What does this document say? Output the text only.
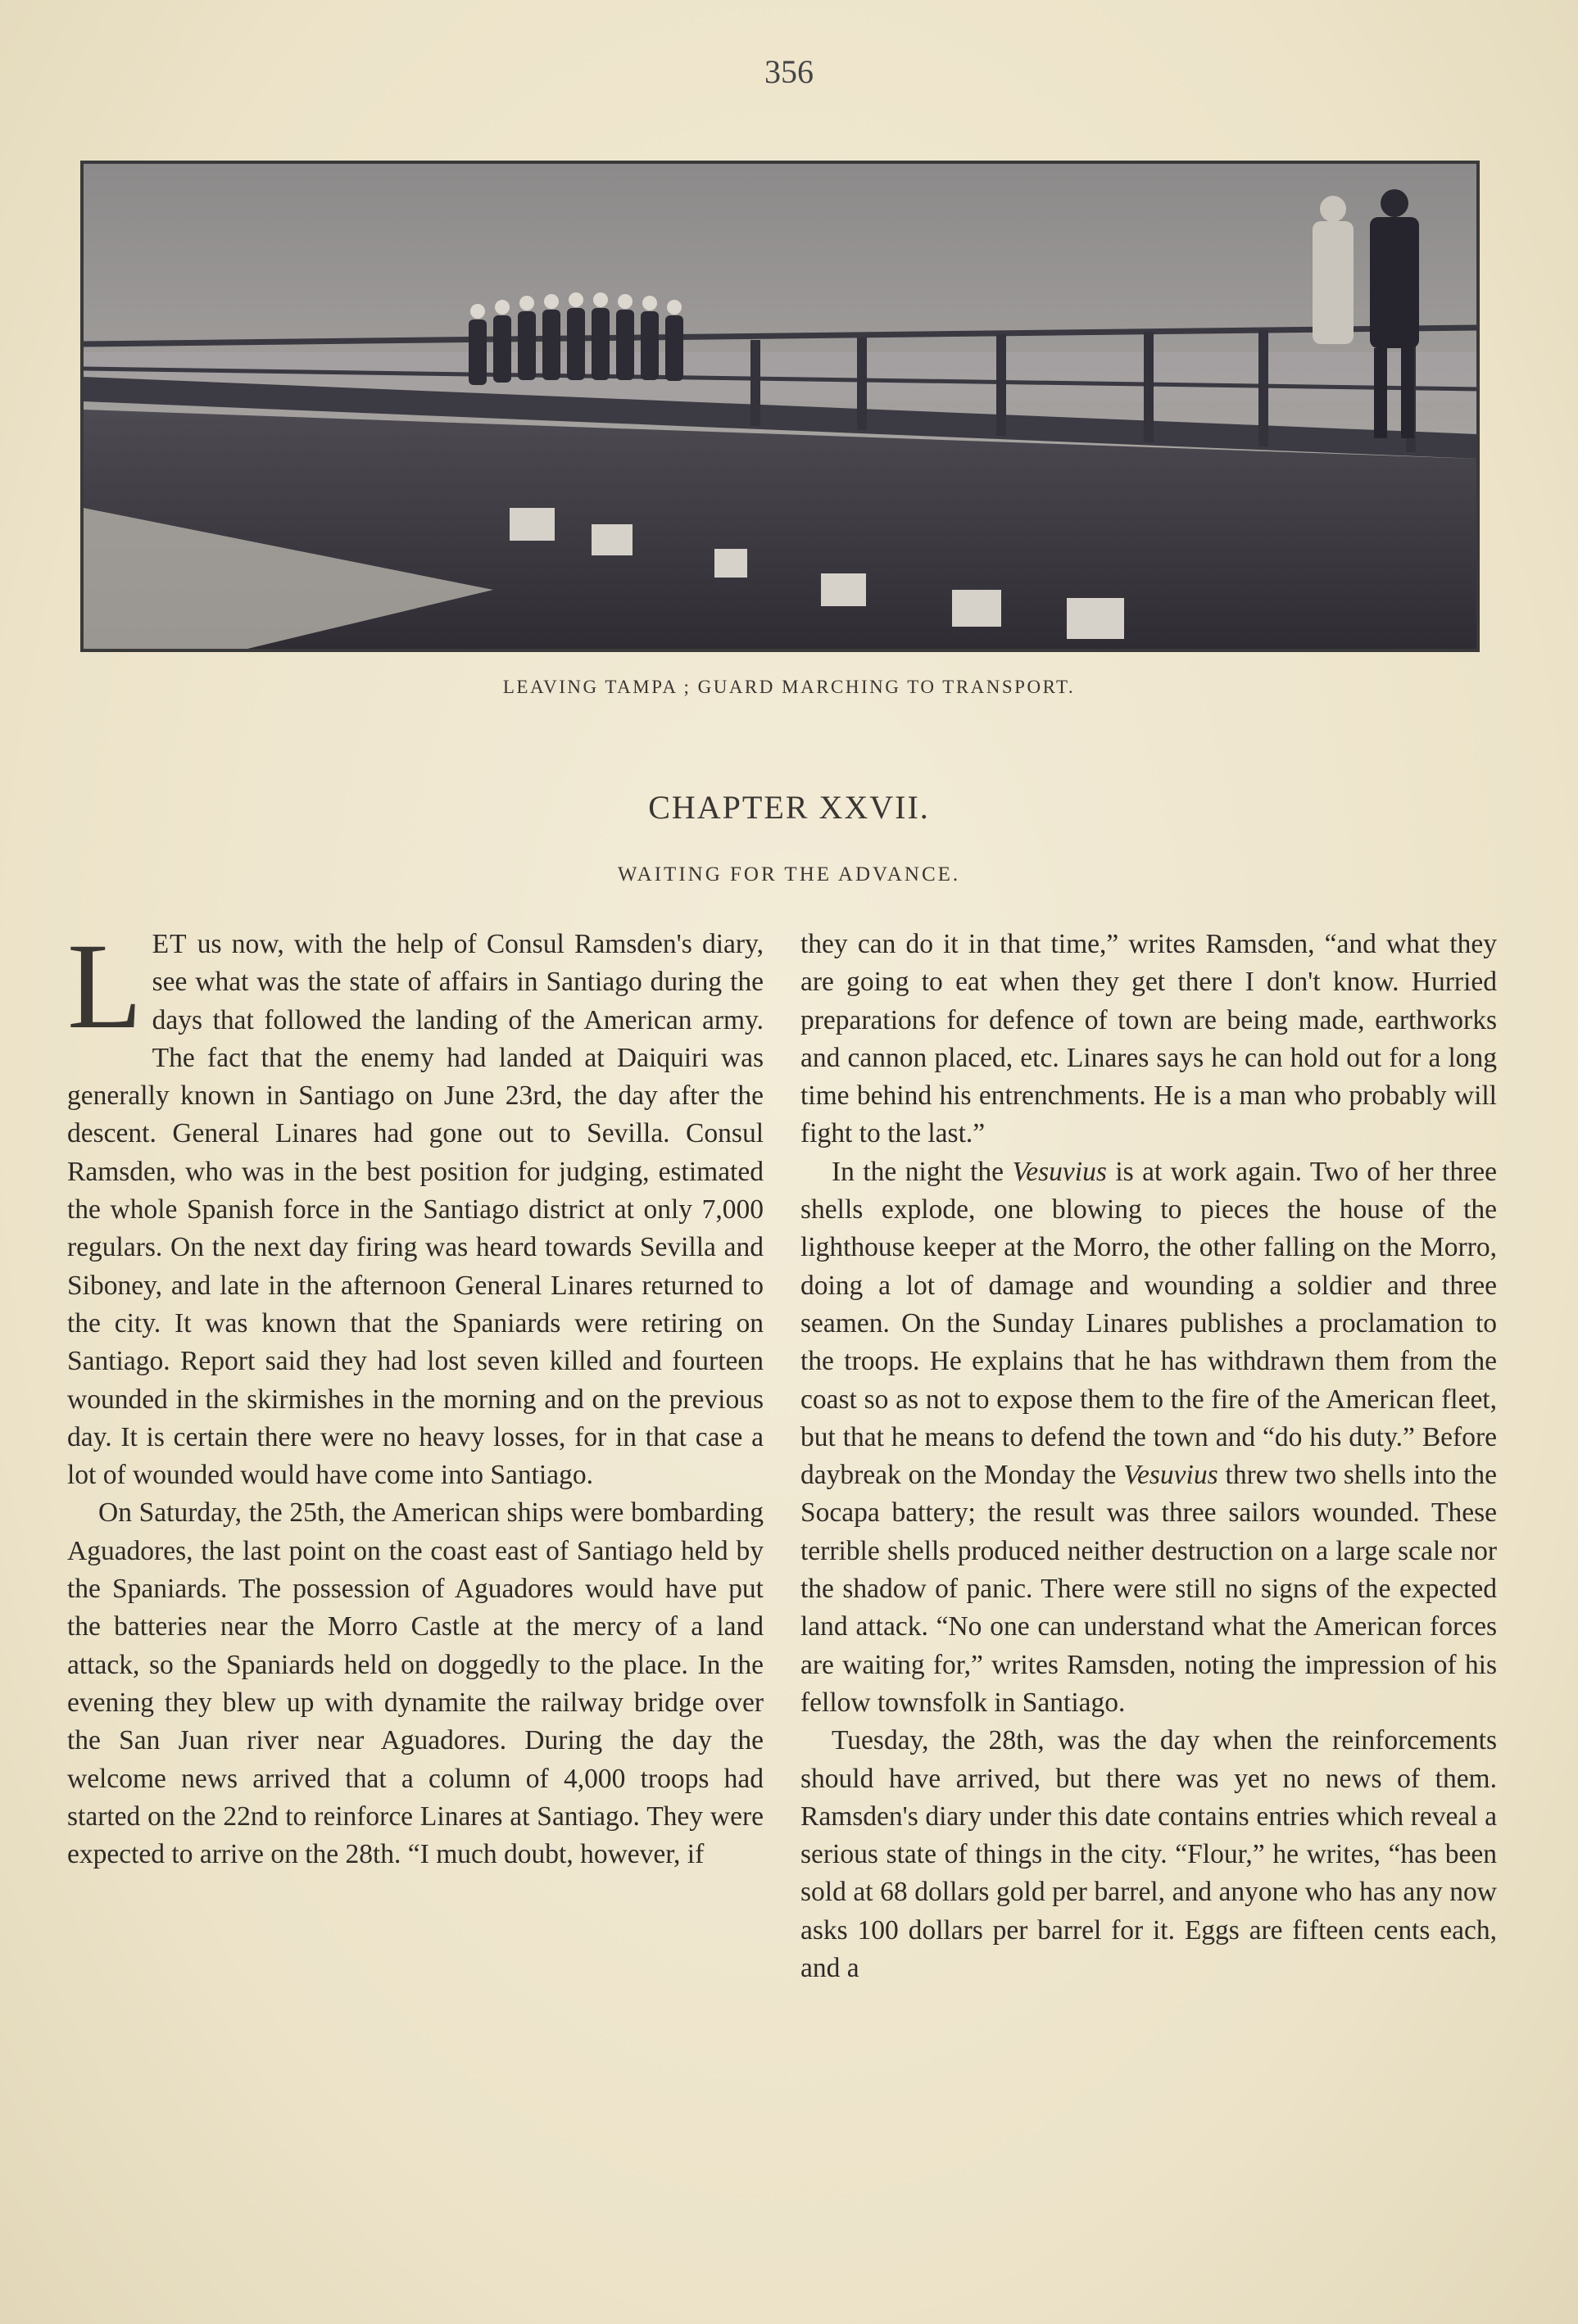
356
LEAVING TAMPA ; GUARD MARCHING TO TRANSPORT.
CHAPTER XXVII.
WAITING FOR THE ADVANCE.

LET us now, with the help of Consul Ramsden's diary, see what was the state of affairs in Santiago during the days that followed the landing of the American army. The fact that the enemy had landed at Daiquiri was generally known in Santiago on June 23rd, the day after the descent. General Linares had gone out to Sevilla. Consul Ramsden, who was in the best position for judging, estimated the whole Spanish force in the Santiago district at only 7,000 regulars. On the next day firing was heard towards Sevilla and Siboney, and late in the afternoon General Linares returned to the city. It was known that the Spaniards were retiring on Santiago. Report said they had lost seven killed and fourteen wounded in the skirmishes in the morning and on the previous day. It is certain there were no heavy losses, for in that case a lot of wounded would have come into Santiago.

On Saturday, the 25th, the American ships were bombarding Aguadores, the last point on the coast east of Santiago held by the Spaniards. The possession of Aguadores would have put the batteries near the Morro Castle at the mercy of a land attack, so the Spaniards held on doggedly to the place. In the evening they blew up with dynamite the railway bridge over the San Juan river near Aguadores. During the day the welcome news arrived that a column of 4,000 troops had started on the 22nd to reinforce Linares at Santiago. They were expected to arrive on the 28th. “I much doubt, however, if

they can do it in that time,” writes Ramsden, “and what they are going to eat when they get there I don't know. Hurried preparations for defence of town are being made, earthworks and cannon placed, etc. Linares says he can hold out for a long time behind his entrenchments. He is a man who probably will fight to the last.”

In the night the Vesuvius is at work again. Two of her three shells explode, one blowing to pieces the house of the lighthouse keeper at the Morro, the other falling on the Morro, doing a lot of damage and wounding a soldier and three seamen. On the Sunday Linares publishes a proclamation to the troops. He explains that he has withdrawn them from the coast so as not to expose them to the fire of the American fleet, but that he means to defend the town and “do his duty.” Before daybreak on the Monday the Vesuvius threw two shells into the Socapa battery; the result was three sailors wounded. These terrible shells produced neither destruction on a large scale nor the shadow of panic. There were still no signs of the expected land attack. “No one can understand what the American forces are waiting for,” writes Ramsden, noting the impression of his fellow townsfolk in Santiago.

Tuesday, the 28th, was the day when the reinforcements should have arrived, but there was yet no news of them. Ramsden's diary under this date contains entries which reveal a serious state of things in the city. “Flour,” he writes, “has been sold at 68 dollars gold per barrel, and anyone who has any now asks 100 dollars per barrel for it. Eggs are fifteen cents each, and a
